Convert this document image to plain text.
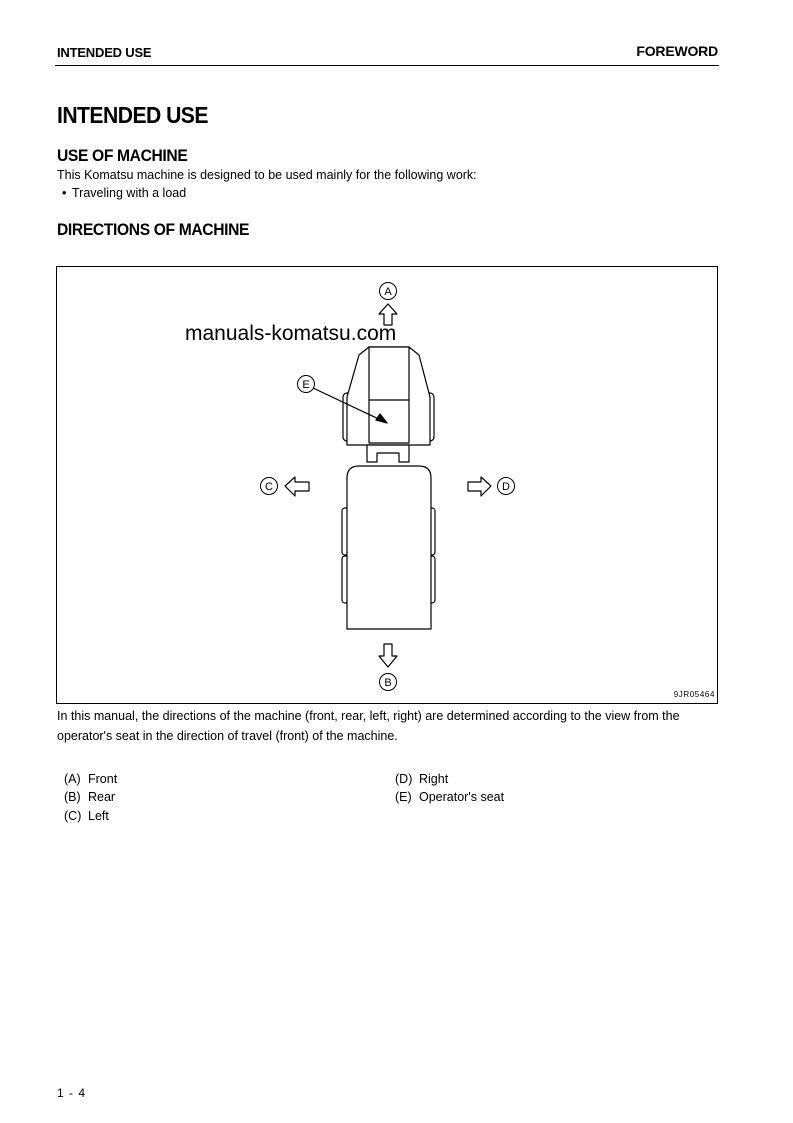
INTENDED USE	FOREWORD
INTENDED USE
USE OF MACHINE
This Komatsu machine is designed to be used mainly for the following work:
• Traveling with a load
DIRECTIONS OF MACHINE
A
B
C	D
E
manuals-komatsu.com
9JR05464
In this manual, the directions of the machine (front, rear, left, right) are determined according to the view from the operator's seat in the direction of travel (front) of the machine.
(A) Front
(B) Rear
(C) Left
(D) Right
(E) Operator's seat
1 - 4
